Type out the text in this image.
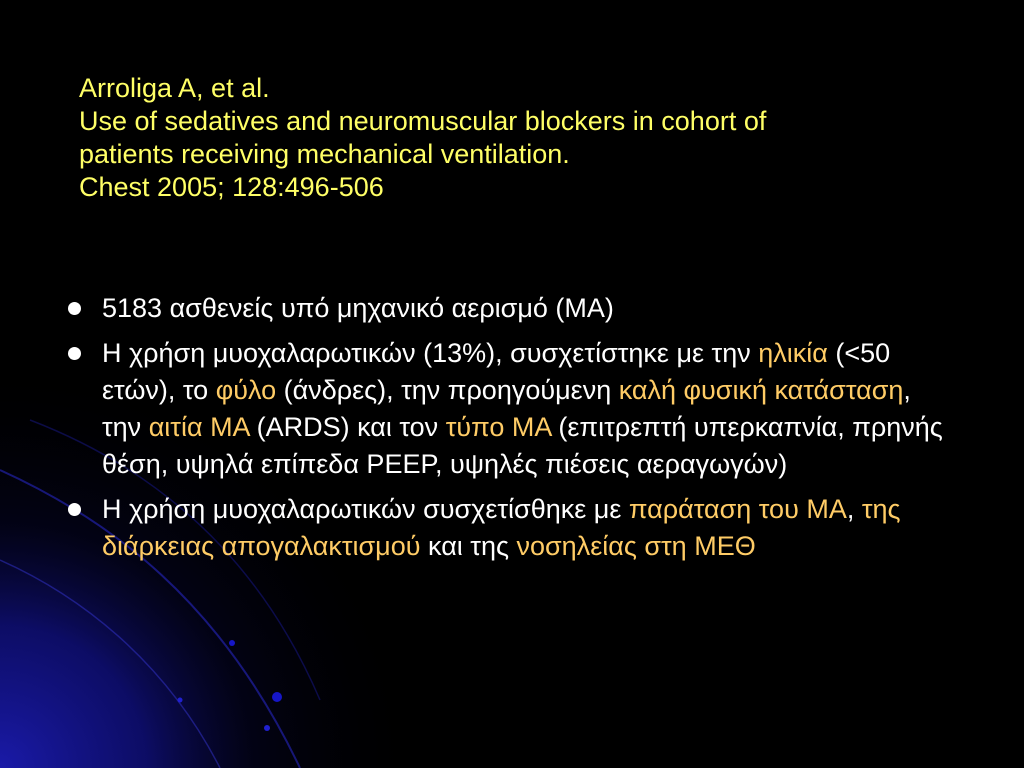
Arroliga A, et al.
Use of sedatives and neuromuscular blockers in cohort of
patients receiving mechanical ventilation.
Chest 2005; 128:496-506
5183 ασθενείς υπό μηχανικό αερισμό (ΜΑ)
Η χρήση μυοχαλαρωτικών (13%), συσχετίστηκε με την ηλικία (<50 ετών), το φύλο (άνδρες), την προηγούμενη καλή φυσική κατάσταση, την αιτία ΜΑ (ARDS) και τον τύπο ΜΑ (επιτρεπτή υπερκαπνία, πρηνής θέση, υψηλά επίπεδα PEEP, υψηλές πιέσεις αεραγωγών)
Η χρήση μυοχαλαρωτικών συσχετίσθηκε με παράταση του ΜΑ, της διάρκειας απογαλακτισμού και της νοσηλείας στη ΜΕΘ
